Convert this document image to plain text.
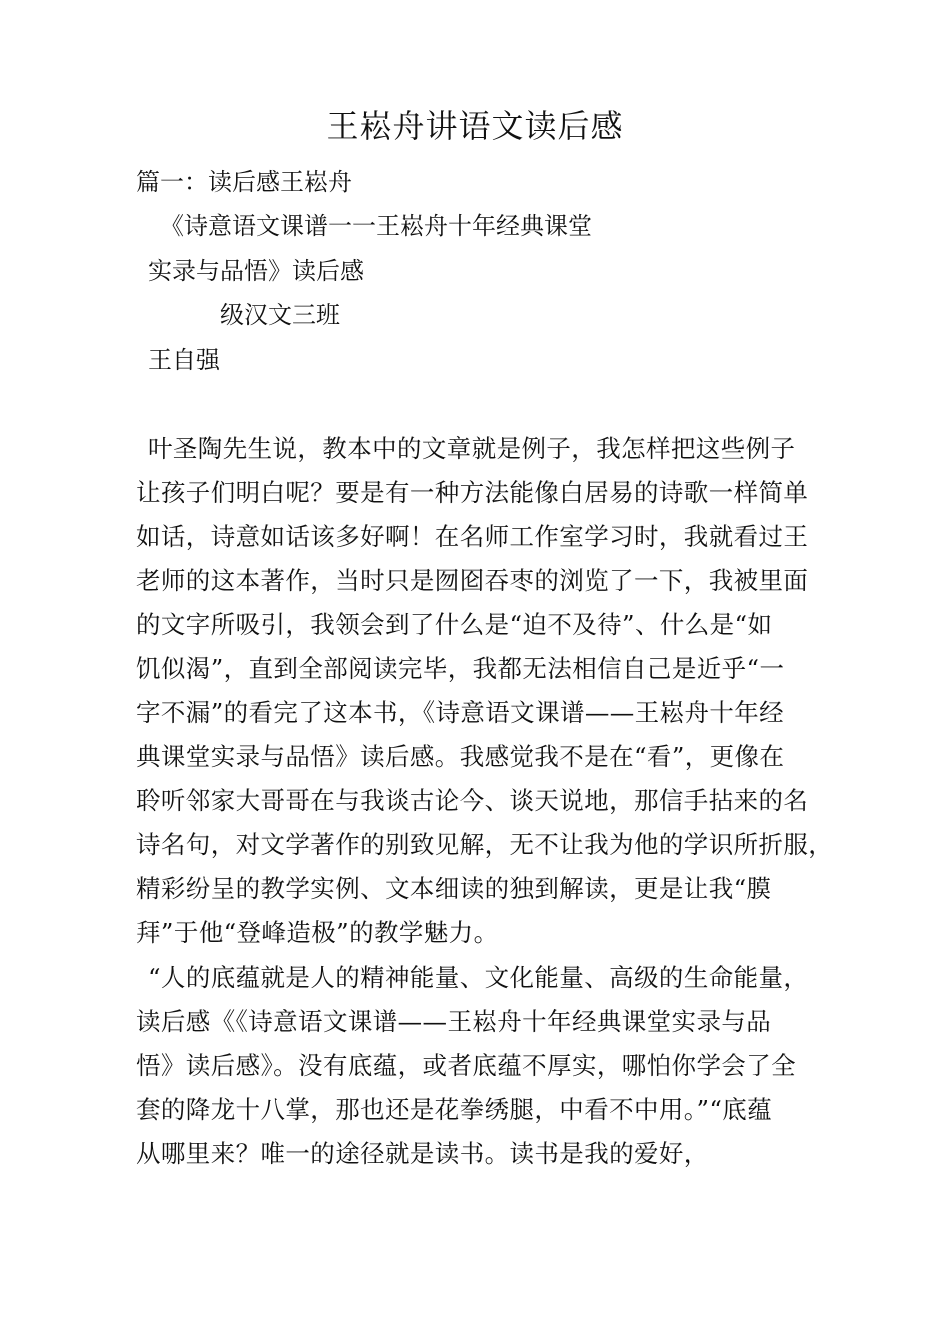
王崧舟讲语文读后感
篇一：读后感王崧舟
《诗意语文课谱一一王崧舟十年经典课堂
实录与品悟》读后感
级汉文三班
王自强
叶圣陶先生说，教本中的文章就是例子，我怎样把这些例子
让孩子们明白呢？要是有一种方法能像白居易的诗歌一样简单
如话，诗意如话该多好啊！在名师工作室学习时，我就看过王
老师的这本著作，当时只是囫囵吞枣的浏览了一下，我被里面
的文字所吸引，我领会到了什么是“迫不及待”、什么是“如
饥似渴”，直到全部阅读完毕，我都无法相信自己是近乎“一
字不漏”的看完了这本书，《诗意语文课谱——王崧舟十年经
典课堂实录与品悟》读后感。我感觉我不是在“看”，更像在
聆听邻家大哥哥在与我谈古论今、谈天说地，那信手拈来的名
诗名句，对文学著作的别致见解，无不让我为他的学识所折服，
精彩纷呈的教学实例、文本细读的独到解读，更是让我“膜
拜”于他“登峰造极”的教学魅力。
“人的底蕴就是人的精神能量、文化能量、高级的生命能量，
读后感《《诗意语文课谱——王崧舟十年经典课堂实录与品
悟》读后感》。没有底蕴，或者底蕴不厚实，哪怕你学会了全
套的降龙十八掌，那也还是花拳绣腿，中看不中用。”“底蕴
从哪里来？唯一的途径就是读书。读书是我的爱好，
